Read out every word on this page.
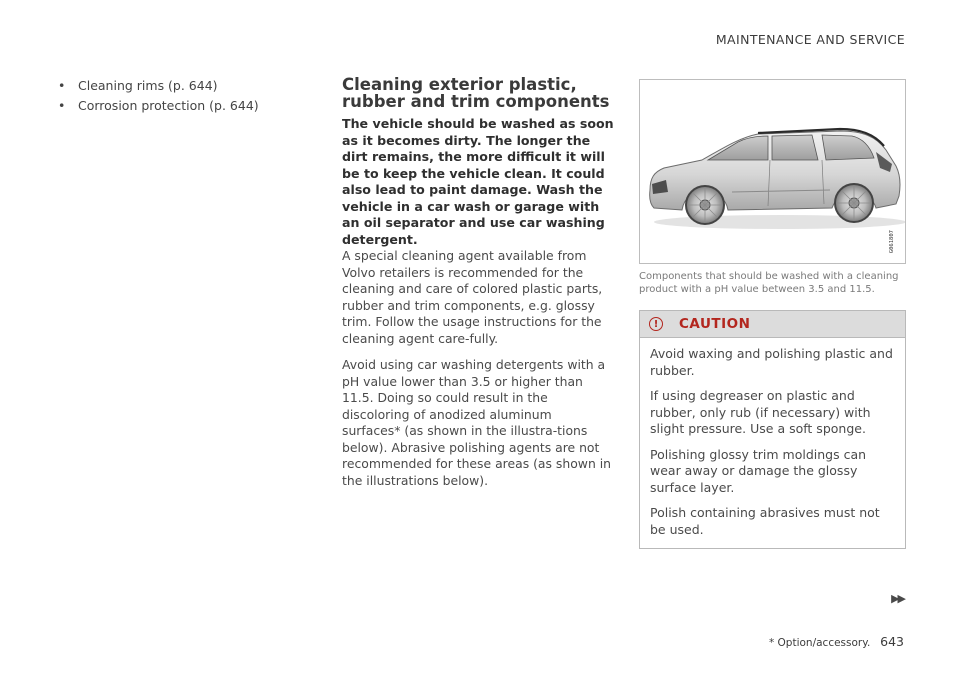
MAINTENANCE AND SERVICE
•	Cleaning rims (p. 644)
•	Corrosion protection (p. 644)
Cleaning exterior plastic, rubber and trim components

The vehicle should be washed as soon as it becomes dirty. The longer the dirt remains, the more difficult it will be to keep the vehicle clean. It could also lead to paint damage. Wash the vehicle in a car wash or garage with an oil separator and use car washing detergent.

A special cleaning agent available from Volvo retailers is recommended for the cleaning and care of colored plastic parts, rubber and trim components, e.g. glossy trim. Follow the usage instructions for the cleaning agent care-fully.

Avoid using car washing detergents with a pH value lower than 3.5 or higher than 11.5. Doing so could result in the discoloring of anodized aluminum surfaces* (as shown in the illustra-tions below). Abrasive polishing agents are not recommended for these areas (as shown in the illustrations below).

G061807

Components that should be washed with a cleaning product with a pH value between 3.5 and 11.5.

!	CAUTION

Avoid waxing and polishing plastic and rubber.

If using degreaser on plastic and rubber, only rub (if necessary) with slight pressure. Use a soft sponge.

Polishing glossy trim moldings can wear away or damage the glossy surface layer.

Polish containing abrasives must not be used.

▶▶
* Option/accessory. 643
